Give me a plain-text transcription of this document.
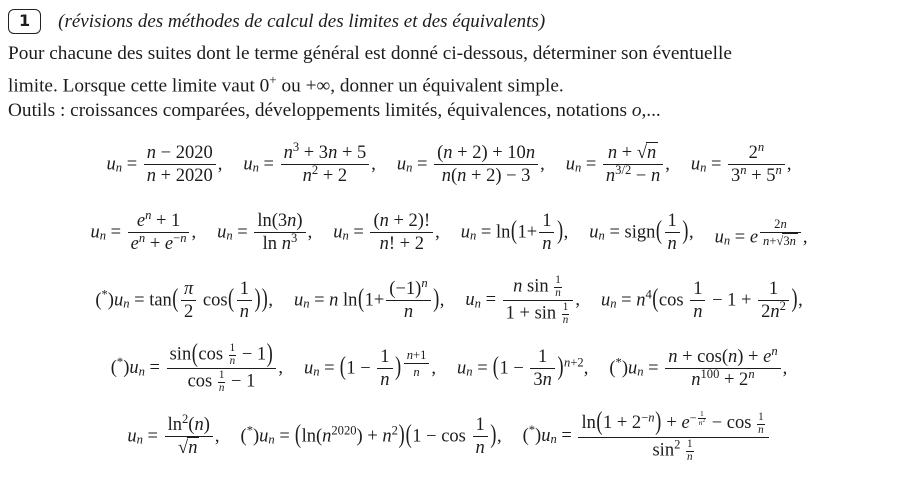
1	(révisions des méthodes de calcul des limites et des équivalents)
Pour chacune des suites dont le terme général est donné ci-dessous, déterminer son éventuelle
limite. Lorsque cette limite vaut 0+ ou +∞, donner un équivalent simple.
Outils : croissances comparées, développements limités, équivalences, notations o,...
un = $\frac{n - 2020}{n + 2020}$ , un = $\frac{n^3 + 3n + 5}{n^2 + 2}$ , un = $\frac{(n + 2) + 10n}{n(n + 2) - 3}$ , un = $\frac{n + √n}{n^{3/2} - n}$ , un = $\frac{2^n}{3^n + 5^n}$ ,
un = $\frac{e^n + 1}{e^n + e^{-n}}$ , un = $\frac{\ln(3n)}{\ln n^3}$ , un = $\frac{(n + 2)!}{n! + 2}$ , un = $\ln(1+ \frac{1}{n}$ ), un = sign( $\frac{1}{n}$ ), un = e $^{\frac{2n}{n+√3n}}$ ,
$(^*)un = \tan( \frac{\pi}{2} \cos( \frac{1}{n}$ )), un = n $\ln(1+ \frac{(-1)^n}{n}$ ), un = $\frac{n \sin \frac{1}{n}}{1 + \sin \frac{1}{n}}$ , un = $n^4(\cos \frac{1}{n} - 1 + \frac{1}{2n^2}$ ),
$(^*)un = \frac{\sin(\cos \frac{1}{n} - 1)}{\cos \frac{1}{n} - 1}$ , un = ($1 - \frac{1}{n}$ ) $^{\frac{n+1}{n}}$ , un = $(1 - \frac{1}{3n} )^{n+2}$, $(^*)un = \frac{n + \cos(n) + e^n}{n^{100} + 2^n}$ ,
un = $\frac{\ln^2(n)}{√n}$ , $(^*)un = (\ln(n^{2020}) + n^2)(1 - \cos \frac{1}{n}$ ), $(^*)un = \ln(1 + 2^{-n}) + e^{- \frac{1}{n^2}} - \cos \frac{1}{n}$
$\sin^2 \frac{1}{n}$
